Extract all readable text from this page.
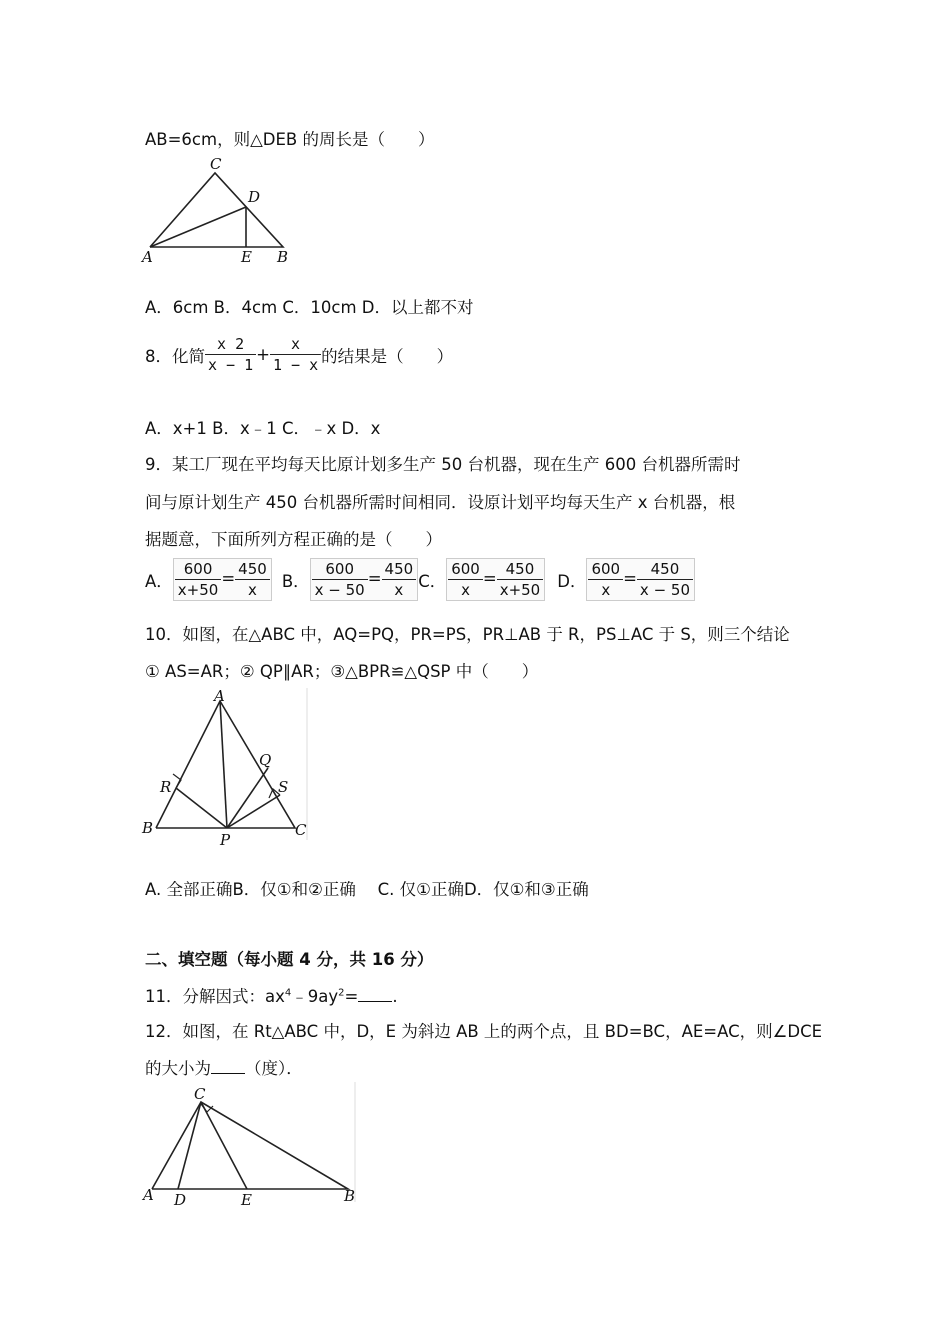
AB=6cm，则△DEB 的周长是（　　）
C
D
A	E B
A．6cm B．4cm C．10cm D．以上都不对
8．化简 $\frac{x 2}{x - 1} + \frac{x}{1 - x}$ 的结果是（　　）
A．x+1 B．x﹣1 C．﹣x D．x
9．某工厂现在平均每天比原计划多生产 50 台机器，现在生产 600 台机器所需时
间与原计划生产 450 台机器所需时间相同．设原计划平均每天生产 x 台机器，根
据题意，下面所列方程正确的是（　　）
A． $\frac{600}{x+50} = \frac{450}{x}$ B． $\frac{600}{x - 50} = \frac{450}{x}$ C． $\frac{600}{x} = \frac{450}{x+50}$ D． $\frac{600}{x} = \frac{450}{x - 50}$
10．如图，在△ABC 中，AQ=PQ，PR=PS，PR⊥AB 于 R，PS⊥AC 于 S，则三个结论
① AS=AR；② QP∥AR；③△BPR≌△QSP 中（　　）
A
Q
R	S
B
P
C
A. 全部正确B．仅①和②正确　 C. 仅①正确D．仅①和③正确
二、填空题（每小题 4 分，共 16 分）
11．分解因式：$ax^4﹣9ay^2=$ .
12．如图，在 Rt△ABC 中，D，E 为斜边 AB 上的两个点，且 BD=BC，AE=AC，则∠DCE
的大小为 （度）．
C
A D	E	B
